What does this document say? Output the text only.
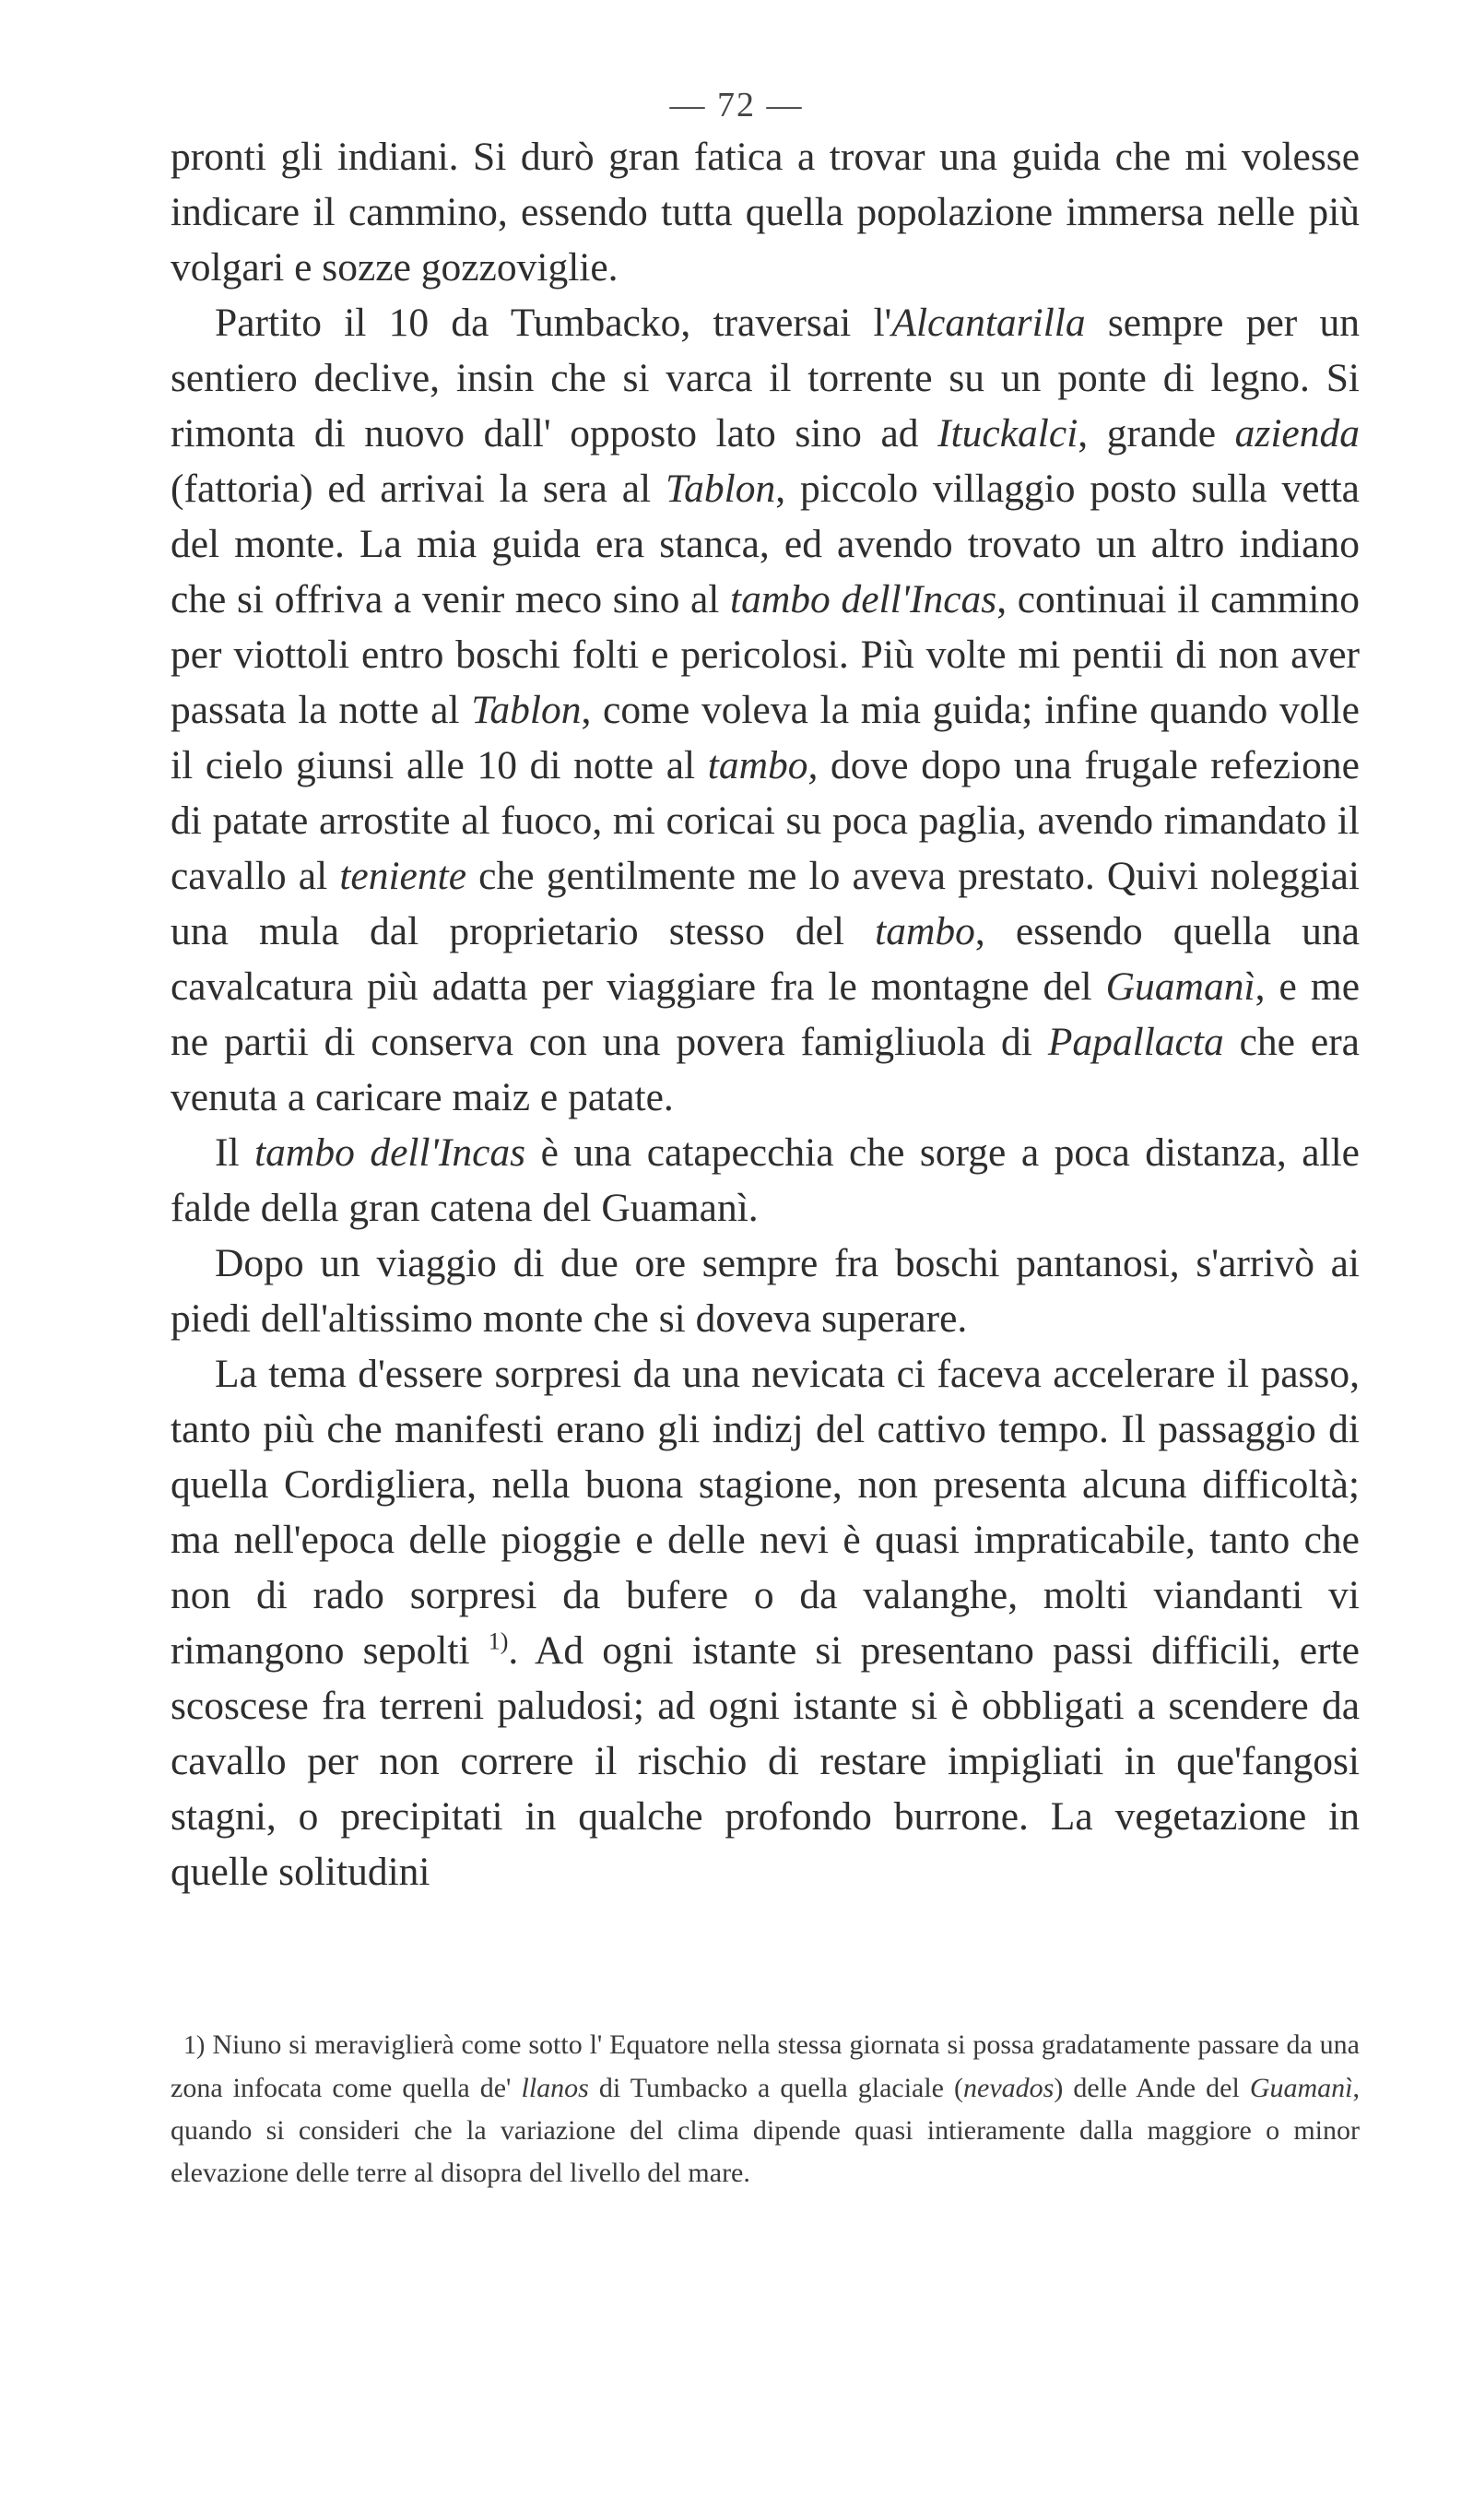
— 72 —

pronti gli indiani. Si durò gran fatica a trovar una guida che mi volesse indicare il cammino, essendo tutta quella popolazione immersa nelle più volgari e sozze gozzoviglie.

Partito il 10 da Tumbacko, traversai l'Alcantarilla sempre per un sentiero declive, insin che si varca il torrente su un ponte di legno. Si rimonta di nuovo dall' opposto lato sino ad Ituckalci, grande azienda (fattoria) ed arrivai la sera al Tablon, piccolo villaggio posto sulla vetta del monte. La mia guida era stanca, ed avendo trovato un altro indiano che si offriva a venir meco sino al tambo dell'Incas, continuai il cammino per viottoli entro boschi folti e pericolosi. Più volte mi pentii di non aver passata la notte al Tablon, come voleva la mia guida; infine quando volle il cielo giunsi alle 10 di notte al tambo, dove dopo una frugale refezione di patate arrostite al fuoco, mi coricai su poca paglia, avendo rimandato il cavallo al teniente che gentilmente me lo aveva prestato. Quivi noleggiai una mula dal proprietario stesso del tambo, essendo quella una cavalcatura più adatta per viaggiare fra le montagne del Guamanì, e me ne partii di conserva con una povera famigliuola di Papallacta che era venuta a caricare maiz e patate.

Il tambo dell'Incas è una catapecchia che sorge a poca distanza, alle falde della gran catena del Guamanì.

Dopo un viaggio di due ore sempre fra boschi pantanosi, s'arrivò ai piedi dell'altissimo monte che si doveva superare.

La tema d'essere sorpresi da una nevicata ci faceva accelerare il passo, tanto più che manifesti erano gli indizj del cattivo tempo. Il passaggio di quella Cordigliera, nella buona stagione, non presenta alcuna difficoltà; ma nell'epoca delle pioggie e delle nevi è quasi impraticabile, tanto che non di rado sorpresi da bufere o da valanghe, molti viandanti vi rimangono sepolti $^{1)}$. Ad ogni istante si presentano passi difficili, erte scoscese fra terreni paludosi; ad ogni istante si è obbligati a scendere da cavallo per non correre il rischio di restare impigliati in que'fangosi stagni, o precipitati in qualche profondo burrone. La vegetazione in quelle solitudini

1) Niuno si meraviglierà come sotto l' Equatore nella stessa giornata si possa gradatamente passare da una zona infocata come quella de' llanos di Tumbacko a quella glaciale (nevados) delle Ande del Guamanì, quando si consideri che la variazione del clima dipende quasi intieramente dalla maggiore o minor elevazione delle terre al disopra del livello del mare.
